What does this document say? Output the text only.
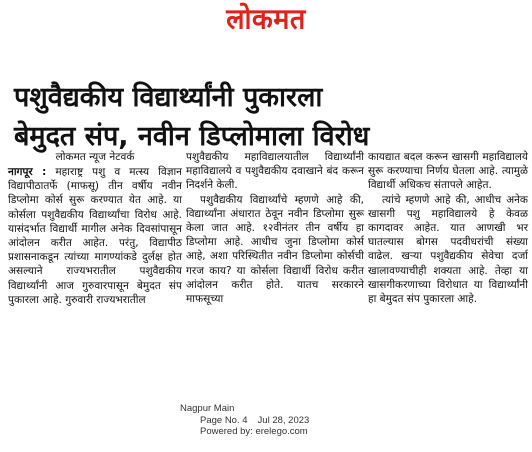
लोकमत
पशुवैद्यकीय विद्यार्थ्यांनी पुकारला
बेमुदत संप, नवीन डिप्लोमाला विरोध
लोकमत न्यूज नेटवर्क

नागपूर : महाराष्ट्र पशु व मत्स्य विज्ञान विद्यापीठातर्फे (माफसू) तीन वर्षीय नवीन डिप्लोमा कोर्स सुरू करण्यात येत आहे. या कोर्सला पशुवैद्यकीय विद्यार्थ्यांचा विरोध आहे. यासंदर्भात विद्यार्थी मागील अनेक दिवसांपासून आंदोलन करीत आहेत. परंतु, विद्यापीठ प्रशासनाकडून त्यांच्या मागण्यांकडे दुर्लक्ष होत असल्याने राज्यभरातील पशुवैद्यकीय विद्यार्थ्यांनी आज गुरुवारपासून बेमुदत संप पुकारला आहे. गुरुवारी राज्यभरातील

पशुवैद्यकीय महाविद्यालयातील विद्यार्थ्यांनी महाविद्यालये व पशुवैद्यकीय दवाखाने बंद करून निदर्शने केली.

पशुवैद्यकीय विद्यार्थ्यांचे म्हणणे आहे की, विद्यार्थ्यांना अंधारात ठेवून नवीन डिप्लोमा सुरू केला जात आहे. १२वीनंतर तीन वर्षीय हा डिप्लोमा आहे. आधीच जुना डिप्लोमा कोर्स आहे, अशा परिस्थितीत नवीन डिप्लोमा कोर्सची गरज काय? या कोर्सला विद्यार्थी विरोध करीत आंदोलन करीत होते. यातच सरकारने माफसूच्या

कायद्यात बदल करून खासगी महाविद्यालये सुरू करण्याचा निर्णय घेतला आहे. त्यामुळे विद्यार्थी अधिकच संतापले आहेत.

त्यांचे म्हणणे आहे की, आधीच अनेक खासगी पशु महाविद्यालये हे केवळ कागदावर आहेत. यात आणखी भर घातल्यास बोगस पदवीधरांची संख्या वाढेल. खऱ्या पशुवैद्यकीय सेवेचा दर्जा खालावण्याचीही शक्यता आहे. तेव्हा या खासगीकरणाच्या विरोधात या विद्यार्थ्यांनी हा बेमुदत संप पुकारला आहे.

Nagpur Main
Page No. 4 Jul 28, 2023
Powered by: erelego.com
